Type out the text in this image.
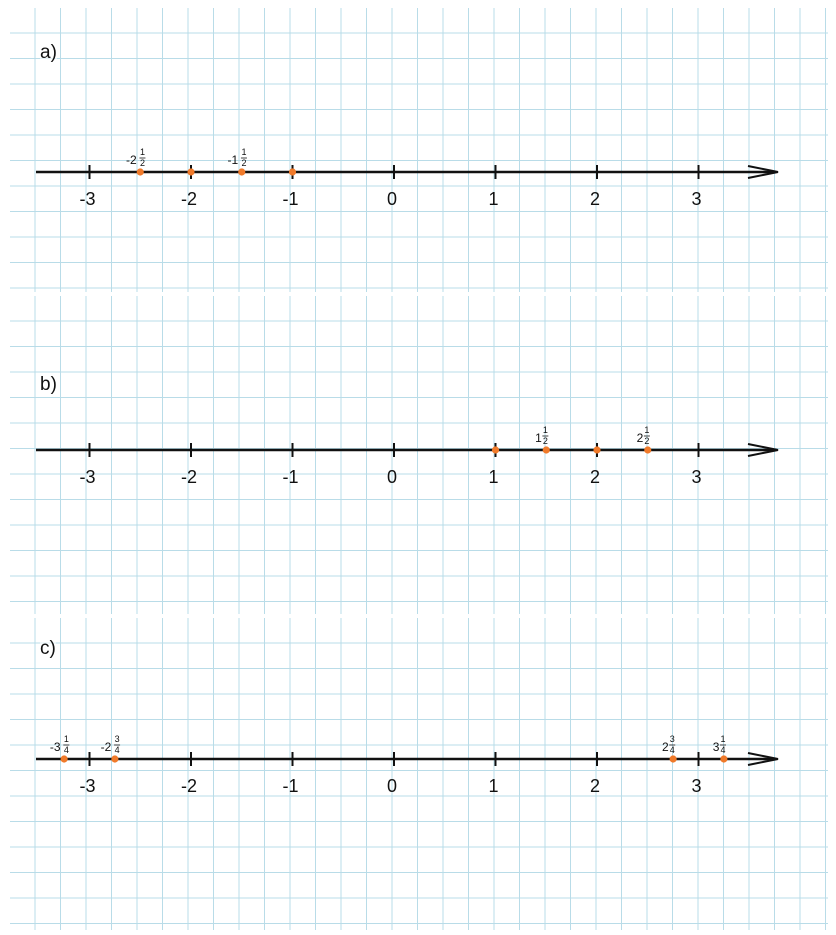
a)
b)
c)
-3	-2	-1	0	1	2	3
-2
1
2	-1
1
2
-3	-2	-1	0	1	2	3
1
1
2	2
1
2
-3	-2	-1	0	1	2	3
-3
1
4	-2
3
4	2
3
4	3
1
4
